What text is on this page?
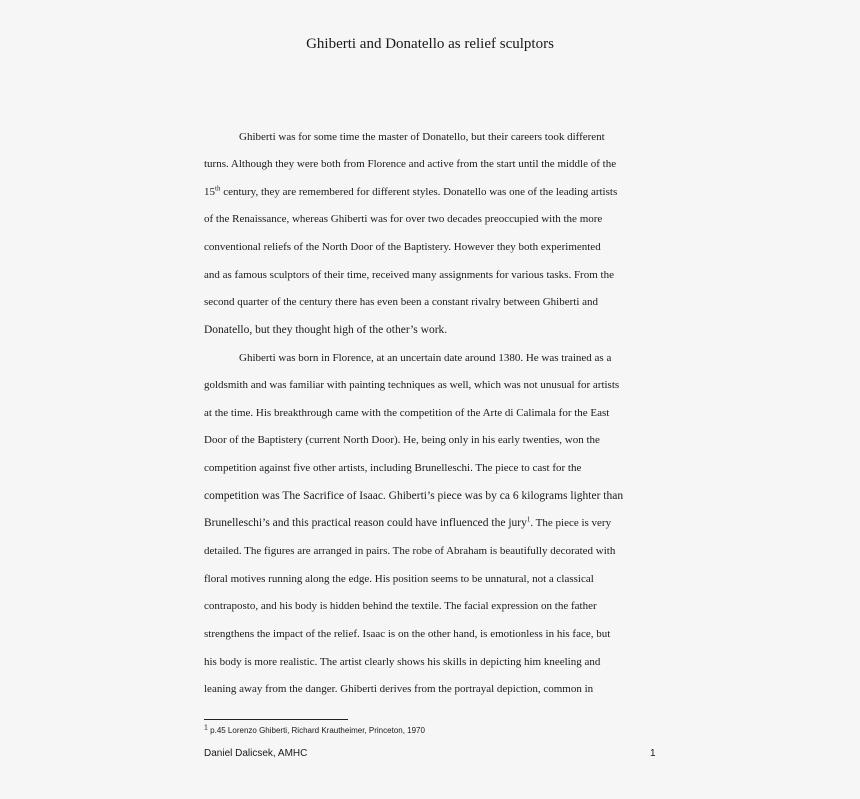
Ghiberti and Donatello as relief sculptors
Ghiberti was for some time the master of Donatello, but their careers took different
turns. Although they were both from Florence and active from the start until the middle of the
15th century, they are remembered for different styles. Donatello was one of the leading artists
of the Renaissance, whereas Ghiberti was for over two decades preoccupied with the more
conventional reliefs of the North Door of the Baptistery. However they both experimented
and as famous sculptors of their time, received many assignments for various tasks. From the
second quarter of the century there has even been a constant rivalry between Ghiberti and
Donatello, but they thought high of the other’s work.
Ghiberti was born in Florence, at an uncertain date around 1380. He was trained as a
goldsmith and was familiar with painting techniques as well, which was not unusual for artists
at the time. His breakthrough came with the competition of the Arte di Calimala for the East
Door of the Baptistery (current North Door). He, being only in his early twenties, won the
competition against five other artists, including Brunelleschi. The piece to cast for the
competition was The Sacrifice of Isaac. Ghiberti’s piece was by ca 6 kilograms lighter than
Brunelleschi’s and this practical reason could have influenced the jury$^1$. The piece is very
detailed. The figures are arranged in pairs. The robe of Abraham is beautifully decorated with
floral motives running along the edge. His position seems to be unnatural, not a classical
contraposto, and his body is hidden behind the textile. The facial expression on the father
strengthens the impact of the relief. Isaac is on the other hand, is emotionless in his face, but
his body is more realistic. The artist clearly shows his skills in depicting him kneeling and
leaning away from the danger. Ghiberti derives from the portrayal depiction, common in
$^1$ p.45 Lorenzo Ghiberti, Richard Krautheimer, Princeton, 1970
Daniel Dalicsek, AMHC	1
